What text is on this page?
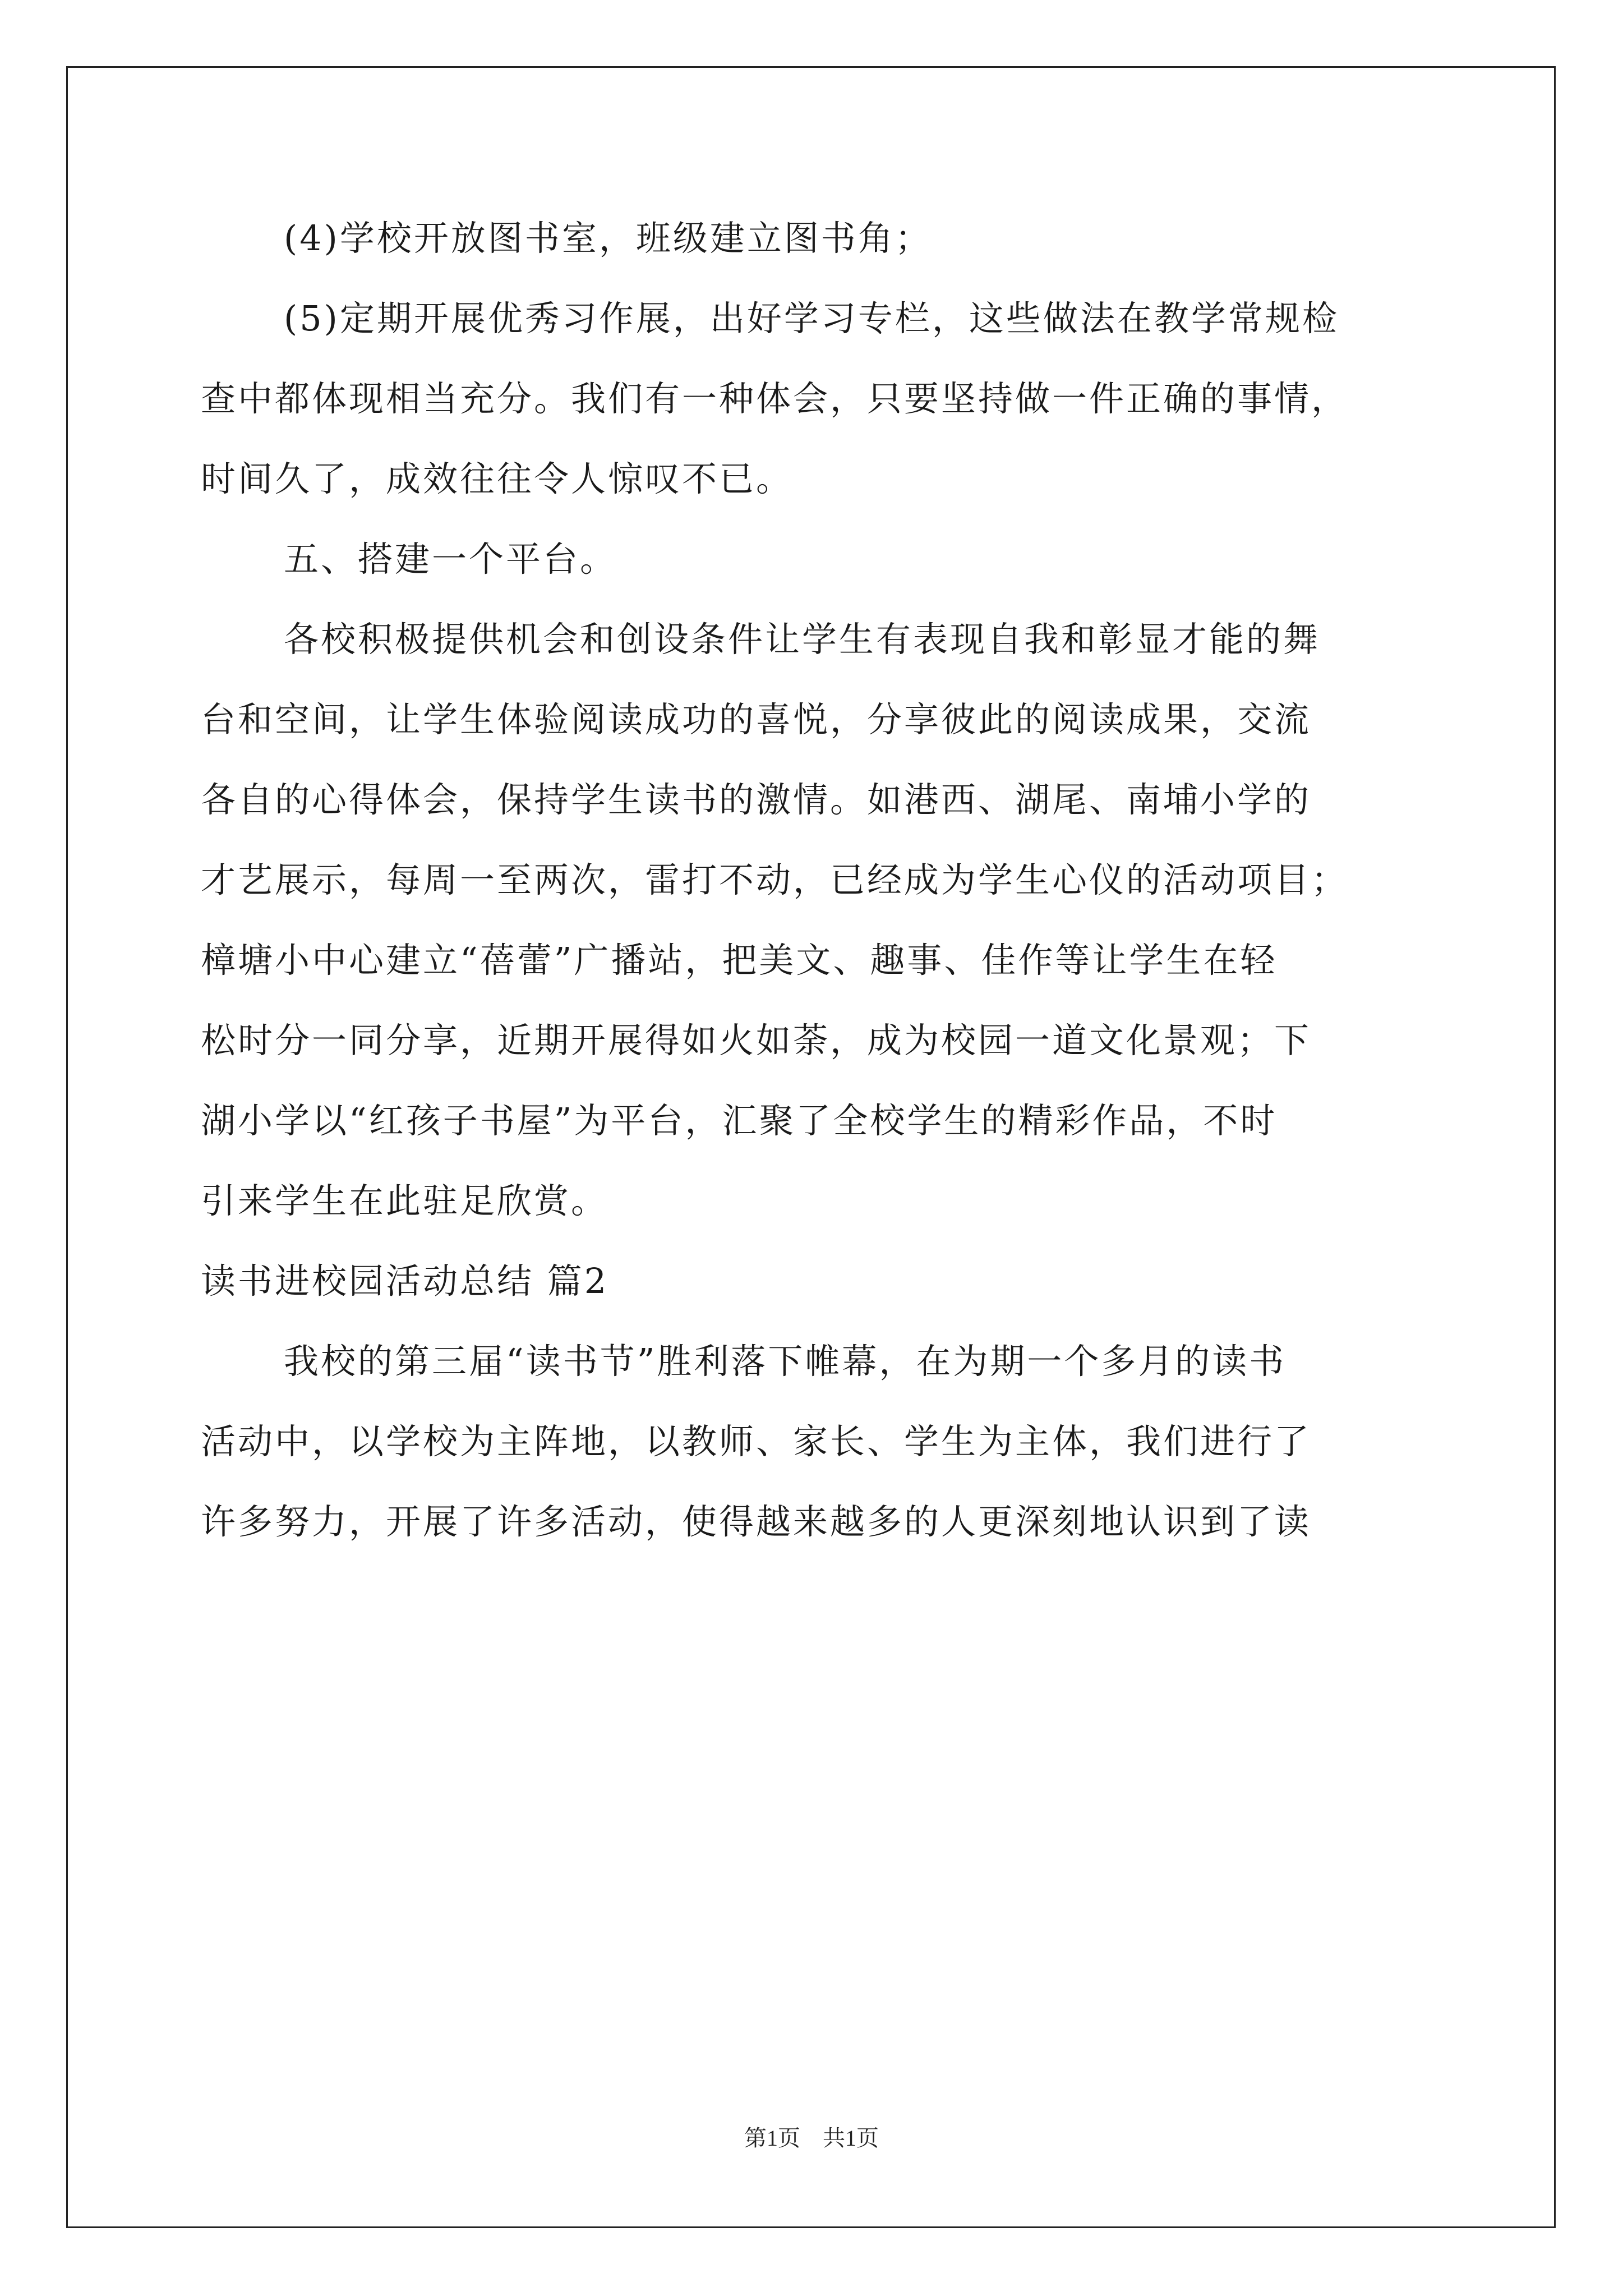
(4)学校开放图书室，班级建立图书角；
(5)定期开展优秀习作展，出好学习专栏，这些做法在教学常规检
查中都体现相当充分。我们有一种体会，只要坚持做一件正确的事情，
时间久了，成效往往令人惊叹不已。
五、搭建一个平台。
各校积极提供机会和创设条件让学生有表现自我和彰显才能的舞
台和空间，让学生体验阅读成功的喜悦，分享彼此的阅读成果，交流
各自的心得体会，保持学生读书的激情。如港西、湖尾、南埔小学的
才艺展示，每周一至两次，雷打不动，已经成为学生心仪的活动项目；
樟塘小中心建立“蓓蕾”广播站，把美文、趣事、佳作等让学生在轻
松时分一同分享，近期开展得如火如荼，成为校园一道文化景观；下
湖小学以“红孩子书屋”为平台，汇聚了全校学生的精彩作品，不时
引来学生在此驻足欣赏。
读书进校园活动总结 篇2
我校的第三届“读书节”胜利落下帷幕，在为期一个多月的读书
活动中，以学校为主阵地，以教师、家长、学生为主体，我们进行了
许多努力，开展了许多活动，使得越来越多的人更深刻地认识到了读
第1页　共1页
